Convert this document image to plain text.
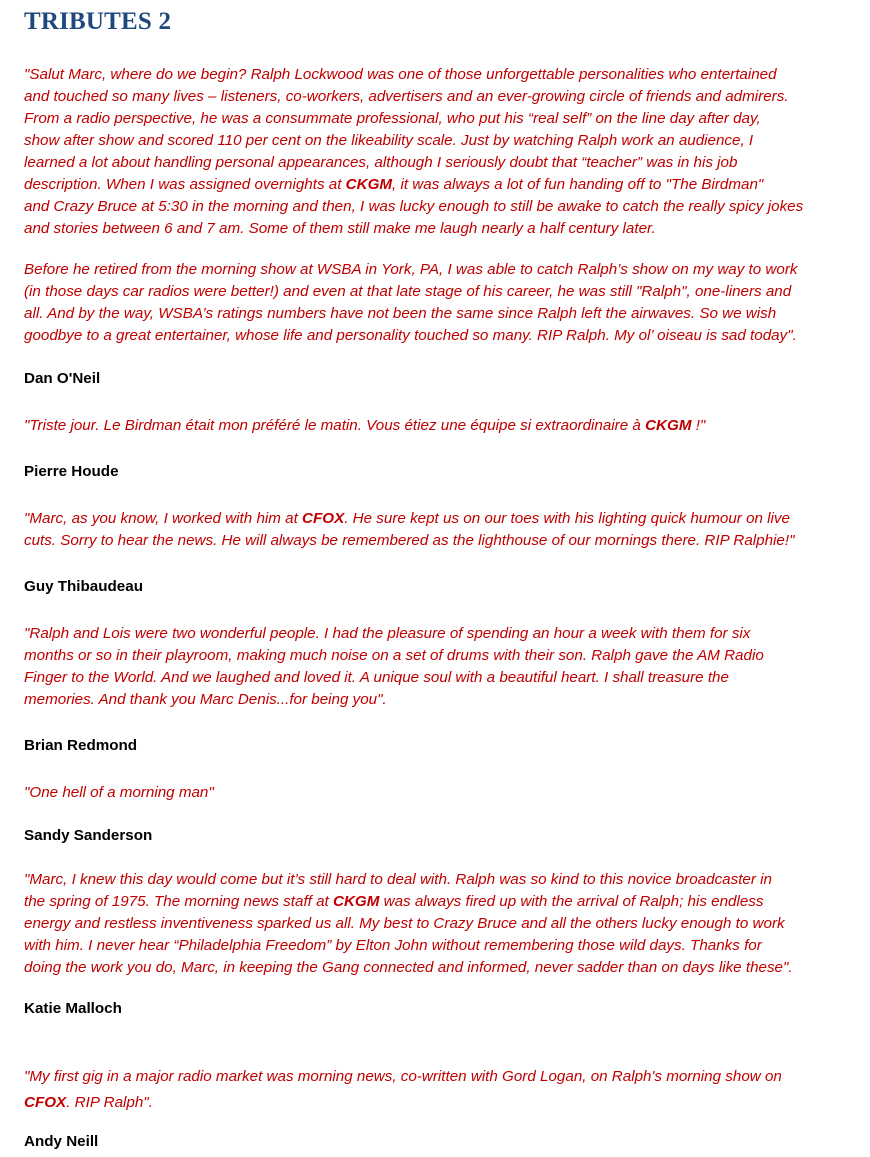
TRIBUTES 2

"Salut Marc, where do we begin? Ralph Lockwood was one of those unforgettable personalities who entertained
and touched so many lives – listeners, co-workers, advertisers and an ever-growing circle of friends and admirers.
From a radio perspective, he was a consummate professional, who put his “real self” on the line day after day,
show after show and scored 110 per cent on the likeability scale. Just by watching Ralph work an audience, I
learned a lot about handling personal appearances, although I seriously doubt that “teacher” was in his job
description. When I was assigned overnights at CKGM, it was always a lot of fun handing off to "The Birdman"
and Crazy Bruce at 5:30 in the morning and then, I was lucky enough to still be awake to catch the really spicy jokes
and stories between 6 and 7 am. Some of them still make me laugh nearly a half century later.

Before he retired from the morning show at WSBA in York, PA, I was able to catch Ralph’s show on my way to work
(in those days car radios were better!) and even at that late stage of his career, he was still "Ralph", one-liners and
all. And by the way, WSBA’s ratings numbers have not been the same since Ralph left the airwaves. So we wish
goodbye to a great entertainer, whose life and personality touched so many. RIP Ralph. My ol’ oiseau is sad today".

Dan O'Neil

"Triste jour. Le Birdman était mon préféré le matin. Vous étiez une équipe si extraordinaire à CKGM !"

Pierre Houde

"Marc, as you know, I worked with him at CFOX. He sure kept us on our toes with his lighting quick humour on live
cuts. Sorry to hear the news. He will always be remembered as the lighthouse of our mornings there. RIP Ralphie!"

Guy Thibaudeau

"Ralph and Lois were two wonderful people. I had the pleasure of spending an hour a week with them for six
months or so in their playroom, making much noise on a set of drums with their son. Ralph gave the AM Radio
Finger to the World. And we laughed and loved it. A unique soul with a beautiful heart. I shall treasure the
memories. And thank you Marc Denis...for being you".

Brian Redmond

"One hell of a morning man"

Sandy Sanderson

"Marc, I knew this day would come but it’s still hard to deal with. Ralph was so kind to this novice broadcaster in
the spring of 1975. The morning news staff at CKGM was always fired up with the arrival of Ralph; his endless
energy and restless inventiveness sparked us all. My best to Crazy Bruce and all the others lucky enough to work
with him. I never hear “Philadelphia Freedom” by Elton John without remembering those wild days. Thanks for
doing the work you do, Marc, in keeping the Gang connected and informed, never sadder than on days like these".

Katie Malloch

"My first gig in a major radio market was morning news, co-written with Gord Logan, on Ralph's morning show on
CFOX. RIP Ralph".

Andy Neill
